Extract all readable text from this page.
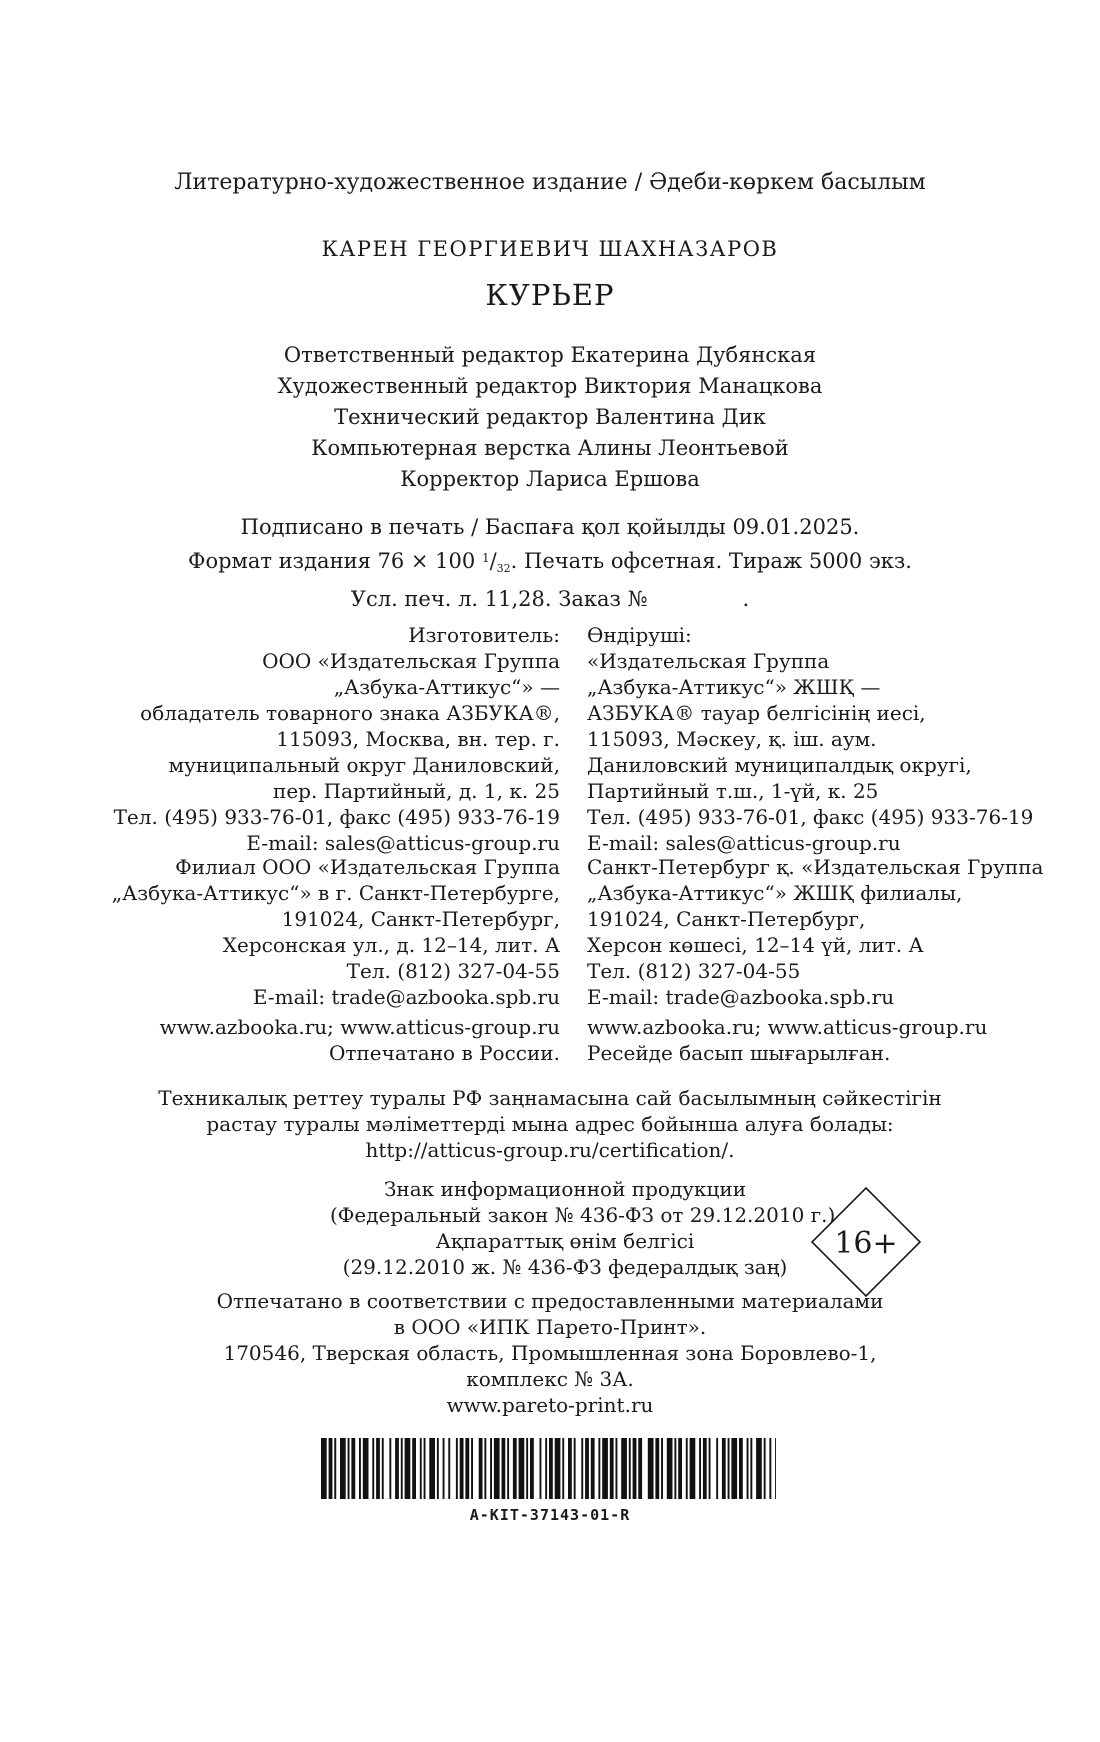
Литературно-художественное издание / Әдеби-көркем басылым
КАРЕН ГЕОРГИЕВИЧ ШАХНАЗАРОВ
КУРЬЕР
Ответственный редактор Екатерина Дубянская
Художественный редактор Виктория Манацкова
Технический редактор Валентина Дик
Компьютерная верстка Алины Леонтьевой
Корректор Лариса Ершова
Подписано в печать / Баспаға қол қойылды 09.01.2025.
Формат издания 76 × 100 $^1/_{32}$. Печать офсетная. Тираж 5000 экз.
Усл. печ. л. 11,28. Заказ №	.
Изготовитель:
ООО «Издательская Группа
„Азбука-Аттикус“» —
обладатель товарного знака АЗБУКА®,
115093, Москва, вн. тер. г.
муниципальный округ Даниловский,
пер. Партийный, д. 1, к. 25
Тел. (495) 933-76-01, факс (495) 933-76-19
E-mail: sales@atticus-group.ru
Өндіруші:
«Издательская Группа
„Азбука-Аттикус“» ЖШҚ —
АЗБУКА® тауар белгісінің иесі,
115093, Мәскеу, қ. іш. аум.
Даниловский муниципалдық округі,
Партийный т.ш., 1-үй, к. 25
Тел. (495) 933-76-01, факс (495) 933-76-19
E-mail: sales@atticus-group.ru
Филиал ООО «Издательская Группа
„Азбука-Аттикус“» в г. Санкт-Петербурге,
191024, Санкт-Петербург,
Херсонская ул., д. 12–14, лит. А
Тел. (812) 327-04-55
E-mail: trade@azbooka.spb.ru
Санкт-Петербург қ. «Издательская Группа
„Азбука-Аттикус“» ЖШҚ филиалы,
191024, Санкт-Петербург,
Херсон көшесі, 12–14 үй, лит. А
Тел. (812) 327-04-55
E-mail: trade@azbooka.spb.ru
www.azbooka.ru; www.atticus-group.ru
Отпечатано в России.
www.azbooka.ru; www.atticus-group.ru
Ресейде басып шығарылған.
Техникалық реттеу туралы РФ заңнамасына сай басылымның сәйкестігін
растау туралы мәліметтерді мына адрес бойынша алуға болады:
http://atticus-group.ru/certification/.
Знак информационной продукции
(Федеральный закон № 436-ФЗ от 29.12.2010 г.)
Ақпараттық өнім белгісі
(29.12.2010 ж. № 436-ФЗ федералдық заң)
16+
Отпечатано в соответствии с предоставленными материалами
в ООО «ИПК Парето-Принт».
170546, Тверская область, Промышленная зона Боровлево-1,
комплекс № 3А.
www.pareto-print.ru
A-KIT-37143-01-R
